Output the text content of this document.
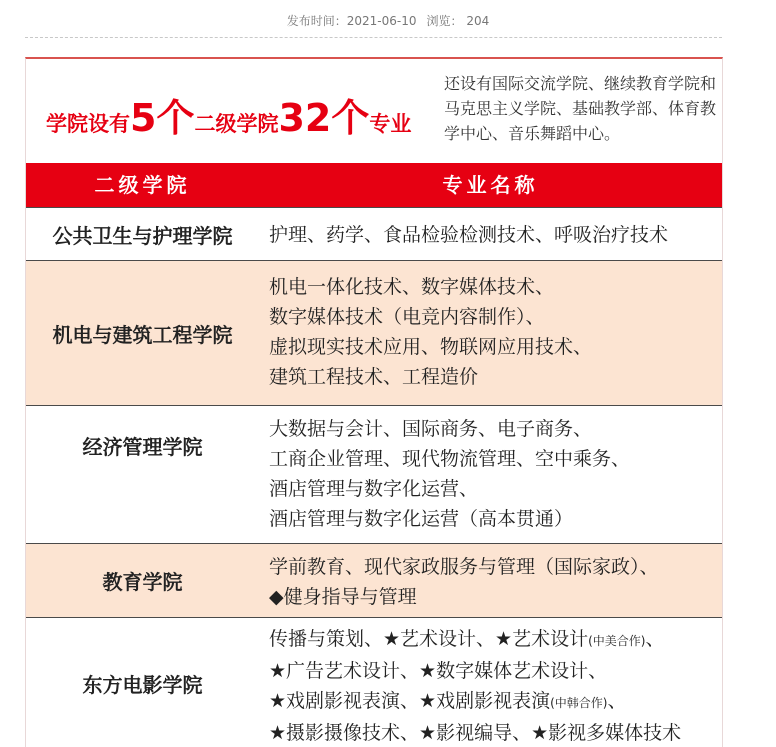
发布时间：2021-06-10 浏览： 204
学院设有5个二级学院32个专业
还设有国际交流学院、继续教育学院和马克思主义学院、基础教学部、体育教学中心、音乐舞蹈中心。
二级学院	专业名称
公共卫生与护理学院	护理、药学、食品检验检测技术、呼吸治疗技术
机电与建筑工程学院
机电一体化技术、数字媒体技术、
数字媒体技术（电竞内容制作）、
虚拟现实技术应用、物联网应用技术、
建筑工程技术、工程造价
经济管理学院
大数据与会计、国际商务、电子商务、
工商企业管理、现代物流管理、空中乘务、
酒店管理与数字化运营、
酒店管理与数字化运营（高本贯通）
教育学院
学前教育、现代家政服务与管理（国际家政）、
◆健身指导与管理
东方电影学院
传播与策划、★艺术设计、★艺术设计(中美合作)、
★广告艺术设计、★数字媒体艺术设计、
★戏剧影视表演、★戏剧影视表演(中韩合作)、
★摄影摄像技术、★影视编导、★影视多媒体技术
